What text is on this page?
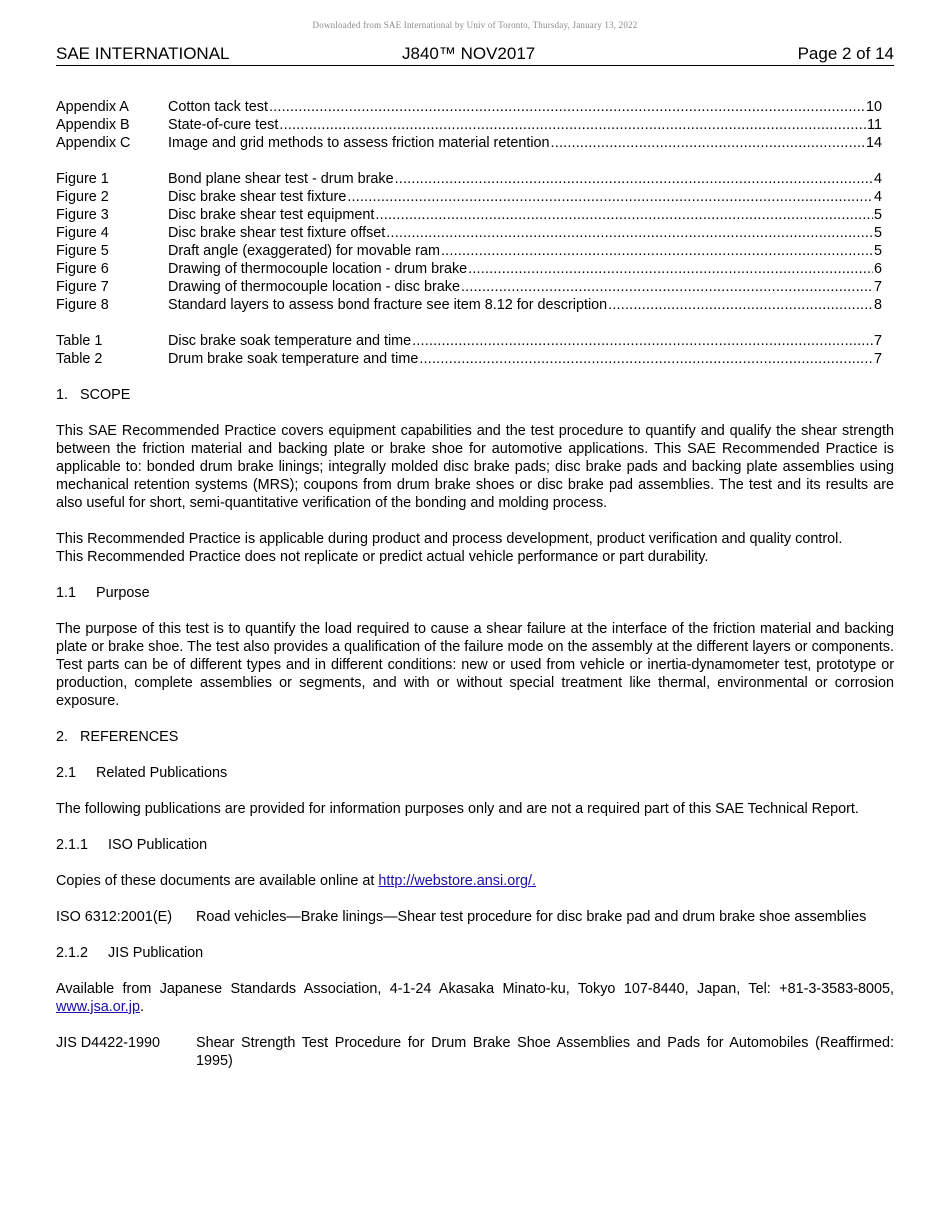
Downloaded from SAE International by Univ of Toronto, Thursday, January 13, 2022
SAE INTERNATIONAL	J840™ NOV2017	Page 2 of 14
Appendix A	Cotton tack test .....	10
Appendix B	State-of-cure test .....	11
Appendix C	Image and grid methods to assess friction material retention .....	14
Figure 1	Bond plane shear test - drum brake .....	4
Figure 2	Disc brake shear test fixture .....	4
Figure 3	Disc brake shear test equipment .....	5
Figure 4	Disc brake shear test fixture offset .....	5
Figure 5	Draft angle (exaggerated) for movable ram .....	5
Figure 6	Drawing of thermocouple location - drum brake .....	6
Figure 7	Drawing of thermocouple location - disc brake .....	7
Figure 8	Standard layers to assess bond fracture see item 8.12 for description .....	8
Table 1	Disc brake soak temperature and time .....	7
Table 2	Drum brake soak temperature and time .....	7
1.   SCOPE

This SAE Recommended Practice covers equipment capabilities and the test procedure to quantify and qualify the shear strength between the friction material and backing plate or brake shoe for automotive applications. This SAE Recommended Practice is applicable to: bonded drum brake linings; integrally molded disc brake pads; disc brake pads and backing plate assemblies using mechanical retention systems (MRS); coupons from drum brake shoes or disc brake pad assemblies. The test and its results are also useful for short, semi-quantitative verification of the bonding and molding process.

This Recommended Practice is applicable during product and process development, product verification and quality control.

This Recommended Practice does not replicate or predict actual vehicle performance or part durability.

1.1     Purpose

The purpose of this test is to quantify the load required to cause a shear failure at the interface of the friction material and backing plate or brake shoe. The test also provides a qualification of the failure mode on the assembly at the different layers or components. Test parts can be of different types and in different conditions: new or used from vehicle or inertia-dynamometer test, prototype or production, complete assemblies or segments, and with or without special treatment like thermal, environmental or corrosion exposure.

2.   REFERENCES
2.1     Related Publications

The following publications are provided for information purposes only and are not a required part of this SAE Technical Report.

2.1.1     ISO Publication

Copies of these documents are available online at http://webstore.ansi.org/.

ISO 6312:2001(E)	Road vehicles—Brake linings—Shear test procedure for disc brake pad and drum brake shoe assemblies
2.1.2     JIS Publication

Available from Japanese Standards Association, 4-1-24 Akasaka Minato-ku, Tokyo 107-8440, Japan, Tel: +81-3-3583-8005, www.jsa.or.jp.

JIS D4422-1990	Shear Strength Test Procedure for Drum Brake Shoe Assemblies and Pads for Automobiles (Reaffirmed: 1995)
